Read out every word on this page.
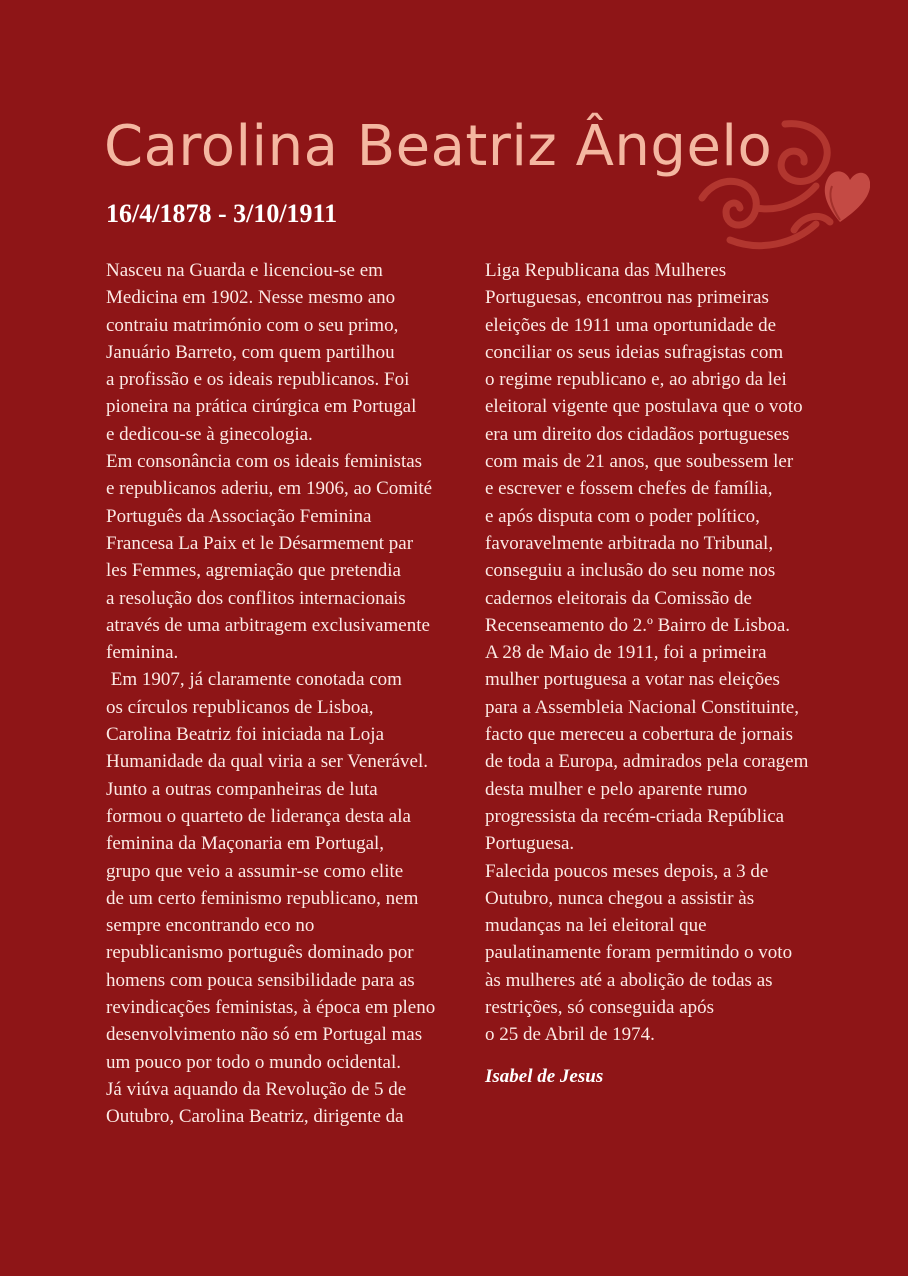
Carolina Beatriz Ângelo
16/4/1878 - 3/10/1911

Nasceu na Guarda e licenciou-se em

Medicina em 1902. Nesse mesmo ano

contraiu matrimónio com o seu primo,

Januário Barreto, com quem partilhou

a profissão e os ideais republicanos. Foi

pioneira na prática cirúrgica em Portugal

e dedicou-se à ginecologia.

Em consonância com os ideais feministas

e republicanos aderiu, em 1906, ao Comité

Português da Associação Feminina

Francesa La Paix et le Désarmement par

les Femmes, agremiação que pretendia

a resolução dos conflitos internacionais

através de uma arbitragem exclusivamente

feminina.

Em 1907, já claramente conotada com

os círculos republicanos de Lisboa,

Carolina Beatriz foi iniciada na Loja

Humanidade da qual viria a ser Venerável.

Junto a outras companheiras de luta

formou o quarteto de liderança desta ala

feminina da Maçonaria em Portugal,

grupo que veio a assumir-se como elite

de um certo feminismo republicano, nem

sempre encontrando eco no

republicanismo português dominado por

homens com pouca sensibilidade para as

revindicações feministas, à época em pleno

desenvolvimento não só em Portugal mas

um pouco por todo o mundo ocidental.

Já viúva aquando da Revolução de 5 de

Outubro, Carolina Beatriz, dirigente da

Liga Republicana das Mulheres

Portuguesas, encontrou nas primeiras

eleições de 1911 uma oportunidade de

conciliar os seus ideias sufragistas com

o regime republicano e, ao abrigo da lei

eleitoral vigente que postulava que o voto

era um direito dos cidadãos portugueses

com mais de 21 anos, que soubessem ler

e escrever e fossem chefes de família,

e após disputa com o poder político,

favoravelmente arbitrada no Tribunal,

conseguiu a inclusão do seu nome nos

cadernos eleitorais da Comissão de

Recenseamento do 2.º Bairro de Lisboa.

A 28 de Maio de 1911, foi a primeira

mulher portuguesa a votar nas eleições

para a Assembleia Nacional Constituinte,

facto que mereceu a cobertura de jornais

de toda a Europa, admirados pela coragem

desta mulher e pelo aparente rumo

progressista da recém-criada República

Portuguesa.

Falecida poucos meses depois, a 3 de

Outubro, nunca chegou a assistir às

mudanças na lei eleitoral que

paulatinamente foram permitindo o voto

às mulheres até a abolição de todas as

restrições, só conseguida após

o 25 de Abril de 1974.

Isabel de Jesus
